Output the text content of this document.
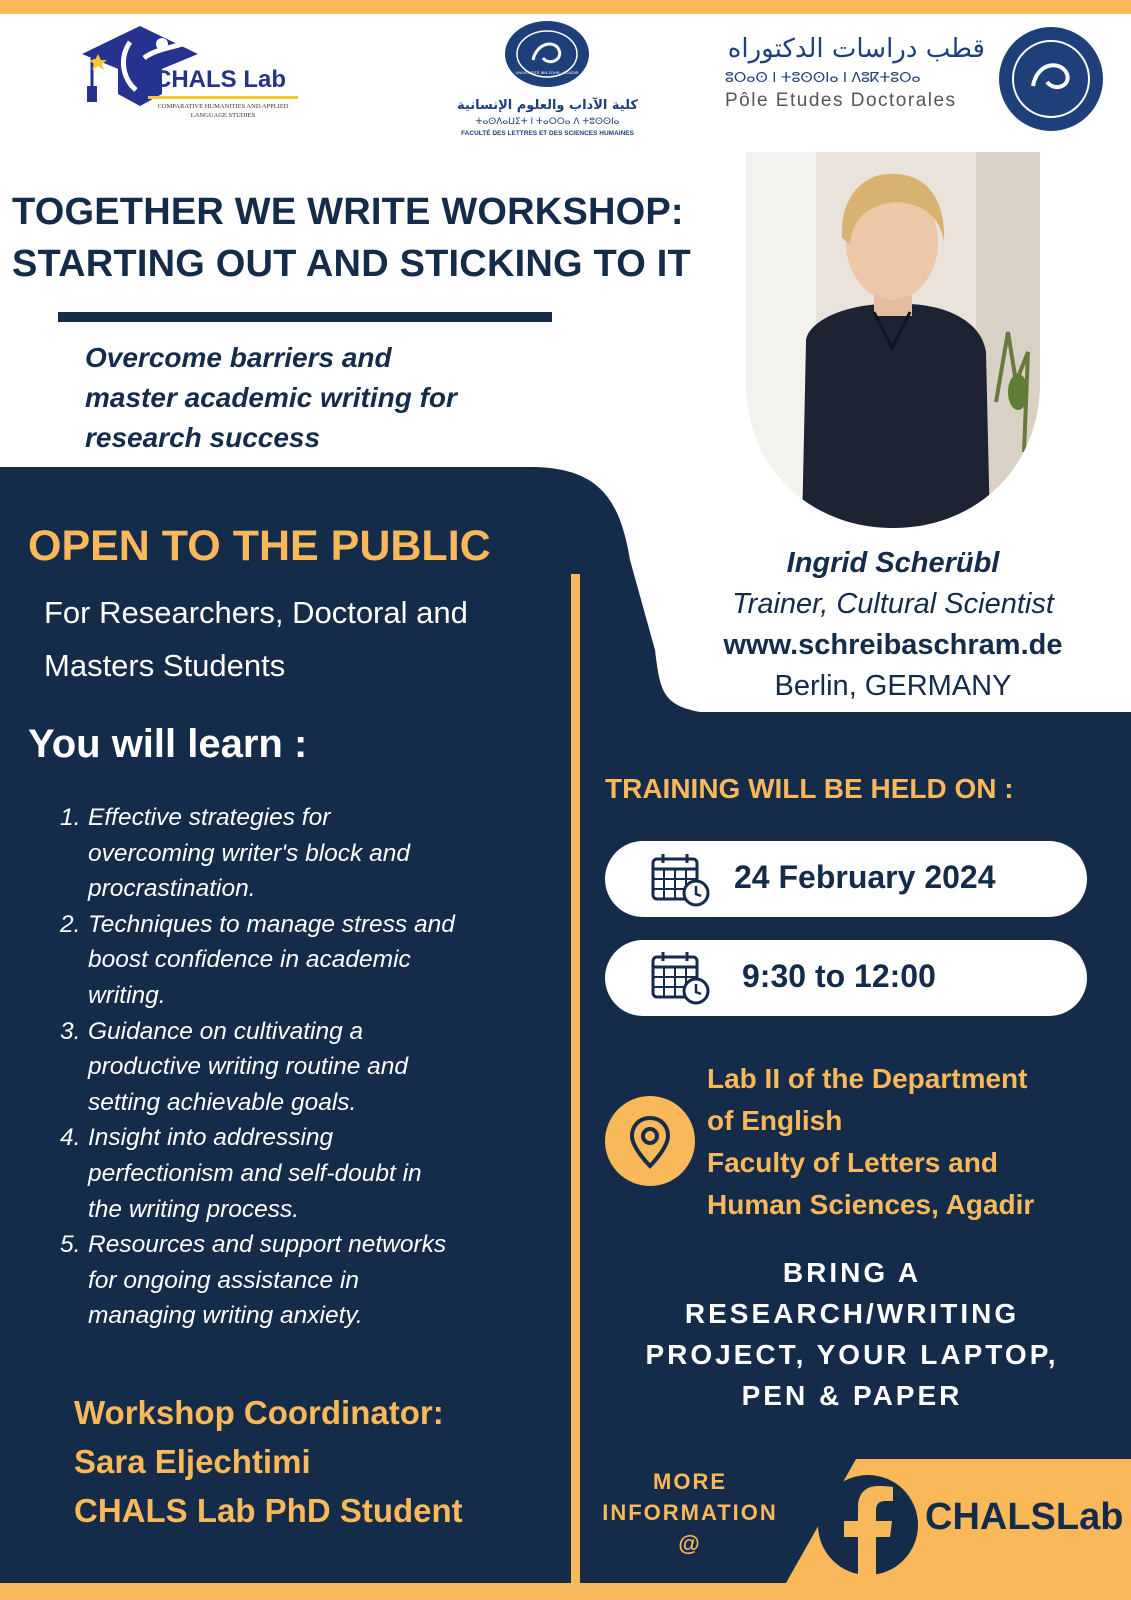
CHALS Lab
COMPARATIVE HUMANITIES AND APPLIED LANGUAGE STUDIES
UNIVERSITÉ IBN ZOHR · AGADIR
كلية الآداب والعلوم الإنسانية
ⵜⴰⵙⴷⴰⵡⵉⵜ ⵏ ⵜⴰⵔⵔⴰ ⴷ ⵜⵓⵙⵙⵏⴰ
FACULTÉ DES LETTRES ET DES SCIENCES HUMAINES
قطب دراسات الدكتوراه
ⵓⵔⴰⵙ ⵏ ⵜⵓⵙⵙⵏⴰ ⵏ ⴷⵓⴽⵜⵓⵔⴰ
Pôle Etudes Doctorales
TOGETHER WE WRITE WORKSHOP:
STARTING OUT AND STICKING TO IT
Overcome barriers and
master academic writing for
research success
Ingrid Scherübl
Trainer, Cultural Scientist
www.schreibaschram.de
Berlin, GERMANY
OPEN TO THE PUBLIC
For Researchers, Doctoral and
Masters Students
You will learn :
1. Effective strategies for
overcoming writer's block and
procrastination.
2. Techniques to manage stress and
boost confidence in academic
writing.
3. Guidance on cultivating a
productive writing routine and
setting achievable goals.
4. Insight into addressing
perfectionism and self-doubt in
the writing process.
5. Resources and support networks
for ongoing assistance in
managing writing anxiety.
Workshop Coordinator:
Sara Eljechtimi
CHALS Lab PhD Student
TRAINING WILL BE HELD ON :
24 February 2024
9:30 to 12:00
Lab II of the Department
of English
Faculty of Letters and
Human Sciences, Agadir
BRING A
RESEARCH/WRITING
PROJECT, YOUR LAPTOP,
PEN & PAPER
MORE
INFORMATION
@
CHALSLab
